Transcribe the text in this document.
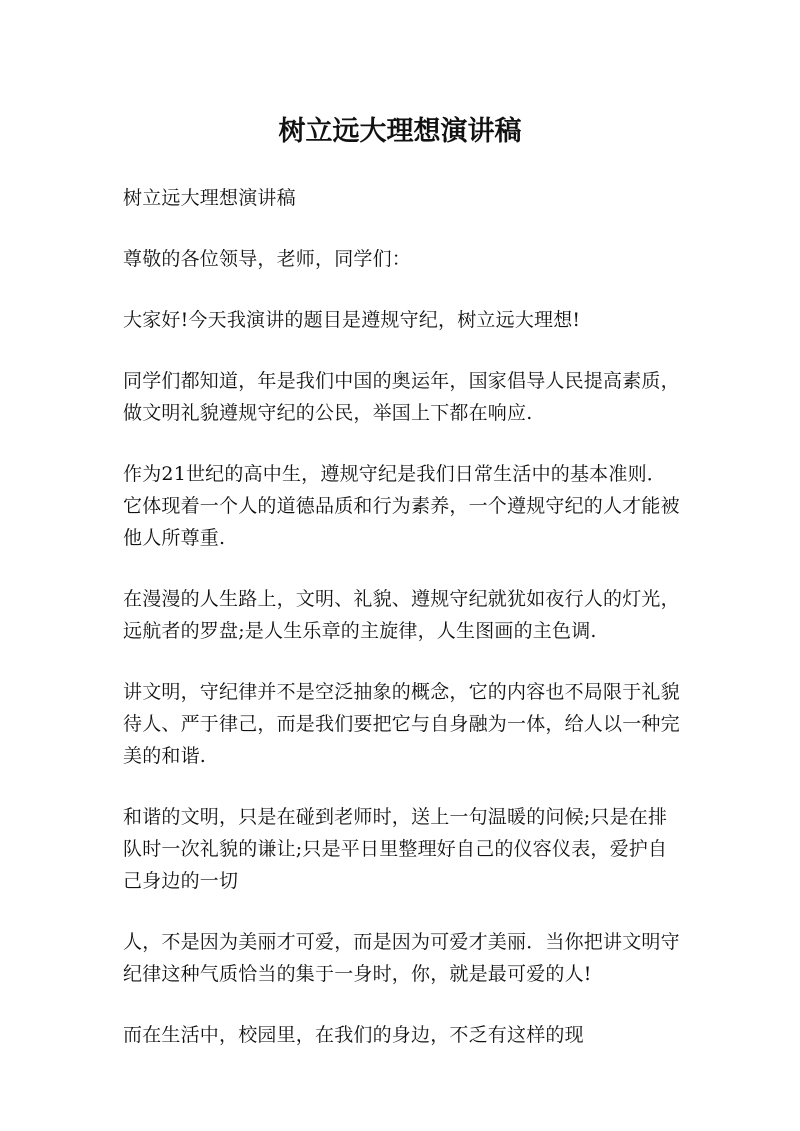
树立远大理想演讲稿

树立远大理想演讲稿

尊敬的各位领导，老师，同学们：

大家好!今天我演讲的题目是遵规守纪，树立远大理想!

同学们都知道，年是我们中国的奥运年，国家倡导人民提高素质，做文明礼貌遵规守纪的公民，举国上下都在响应.

作为21世纪的高中生，遵规守纪是我们日常生活中的基本准则．它体现着一个人的道德品质和行为素养，一个遵规守纪的人才能被他人所尊重.

在漫漫的人生路上，文明、礼貌、遵规守纪就犹如夜行人的灯光，远航者的罗盘;是人生乐章的主旋律，人生图画的主色调.

讲文明，守纪律并不是空泛抽象的概念，它的内容也不局限于礼貌待人、严于律己，而是我们要把它与自身融为一体，给人以一种完美的和谐.

和谐的文明，只是在碰到老师时，送上一句温暖的问候;只是在排队时一次礼貌的谦让;只是平日里整理好自己的仪容仪表，爱护自己身边的一切

人，不是因为美丽才可爱，而是因为可爱才美丽．当你把讲文明守纪律这种气质恰当的集于一身时，你，就是最可爱的人!

而在生活中，校园里，在我们的身边，不乏有这样的现
